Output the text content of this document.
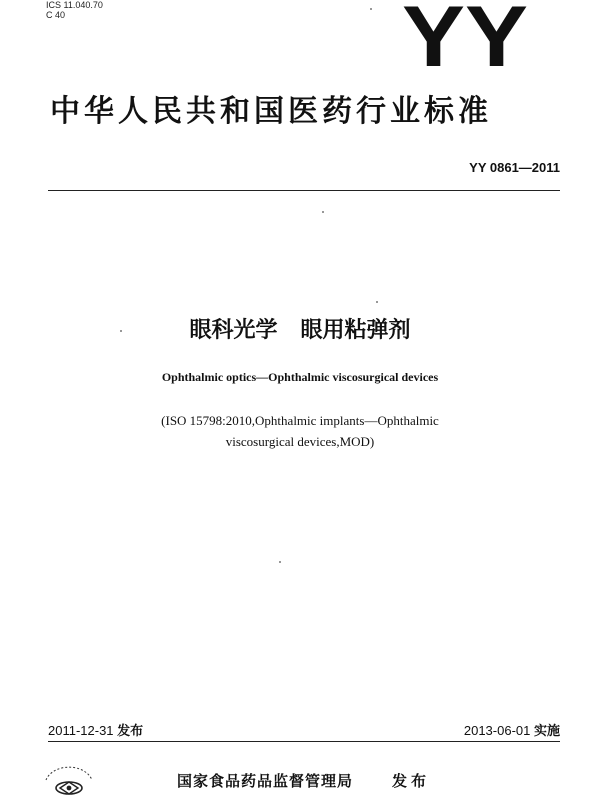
ICS 11.040.70
C 40	YY
中华人民共和国医药行业标准
YY 0861—2011
眼科光学   眼用粘弹剂
Ophthalmic optics—Ophthalmic viscosurgical devices
(ISO 15798:2010,Ophthalmic implants—Ophthalmic
viscosurgical devices,MOD)
2011-12-31 发布	2013-06-01 实施
国家食品药品监督管理局	发布
